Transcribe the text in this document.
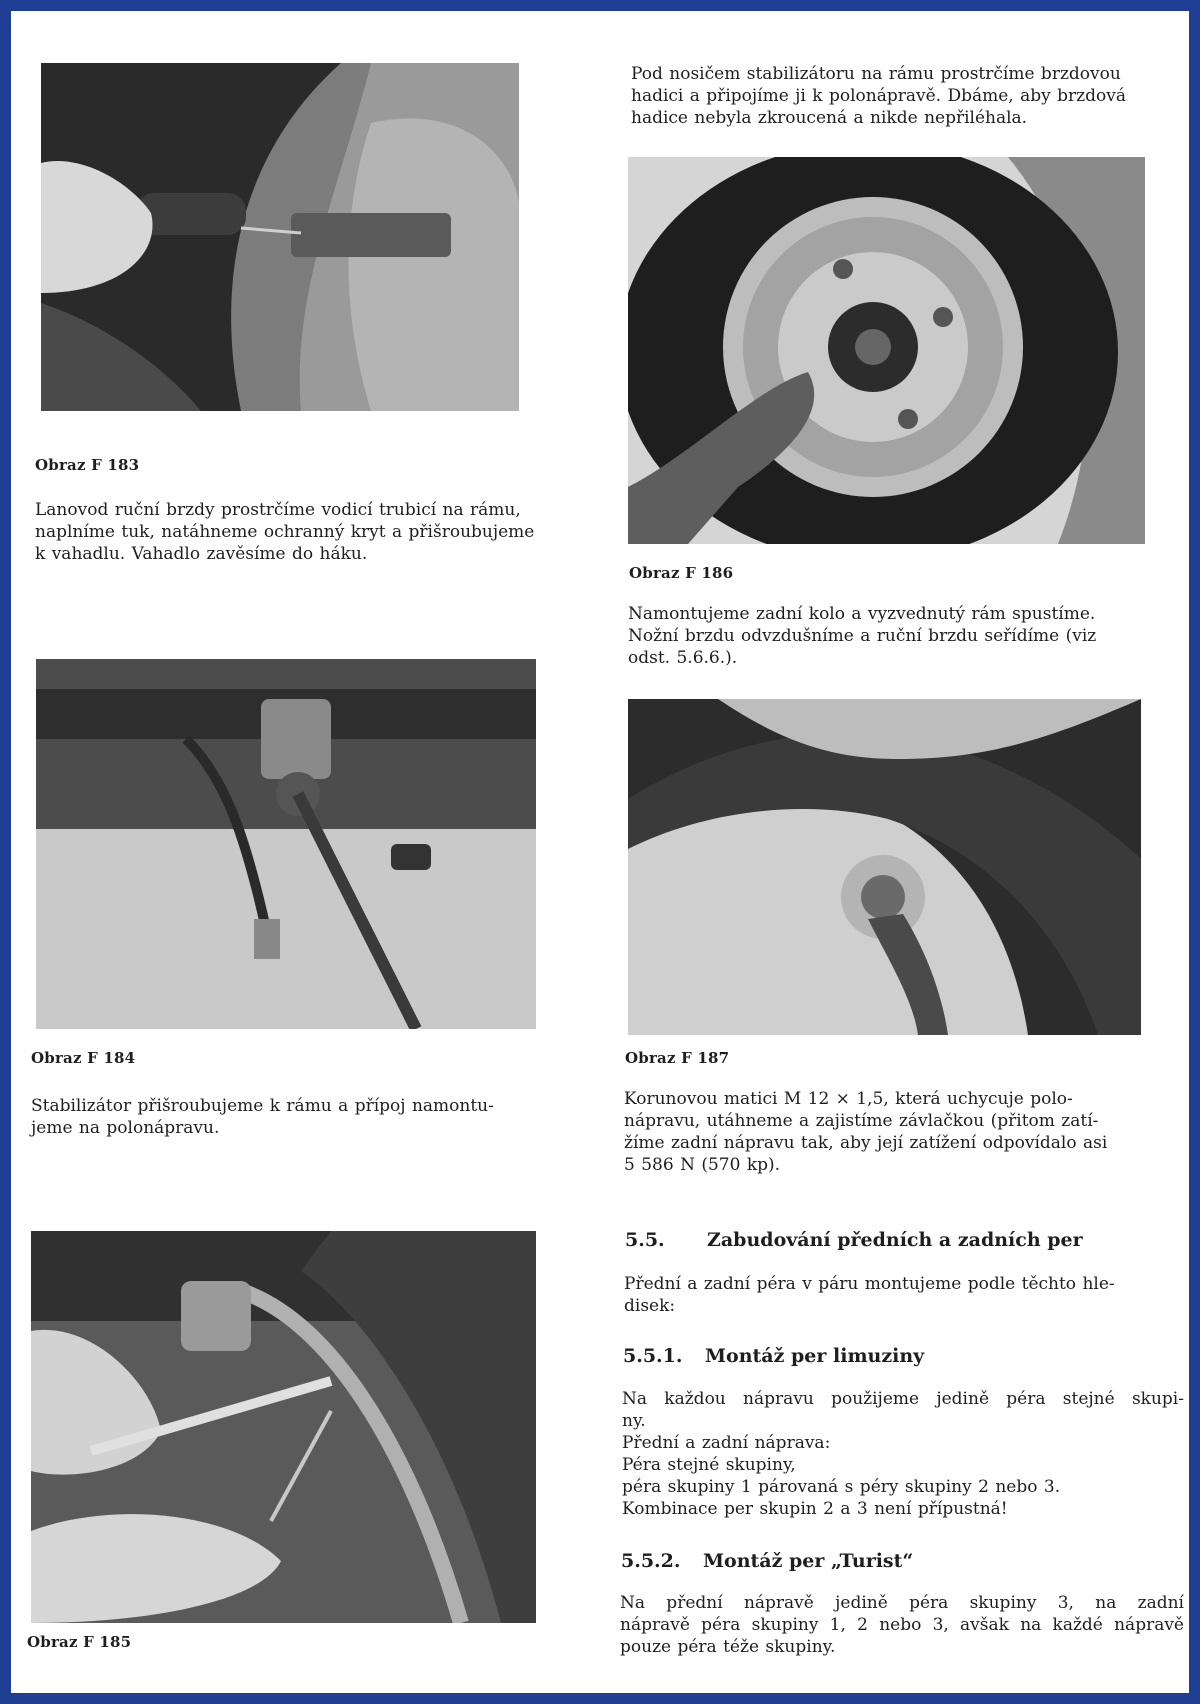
Obraz F 183
Lanovod ruční brzdy prostrčíme vodicí trubicí na rámu,
naplníme tuk, natáhneme ochranný kryt a přišroubujeme
k vahadlu. Vahadlo zavěsíme do háku.
Obraz F 184
Stabilizátor přišroubujeme k rámu a přípoj namontu-
jeme na polonápravu.
Obraz F 185
Pod nosičem stabilizátoru na rámu prostrčíme brzdovou
hadici a připojíme ji k polonápravě. Dbáme, aby brzdová
hadice nebyla zkroucená a nikde nepřiléhala.
Obraz F 186
Namontujeme zadní kolo a vyzvednutý rám spustíme.
Nožní brzdu odvzdušníme a ruční brzdu seřídíme (viz
odst. 5.6.6.).
Obraz F 187
Korunovou matici M 12 × 1,5, která uchycuje polo-
nápravu, utáhneme a zajistíme závlačkou (přitom zatí-
žíme zadní nápravu tak, aby její zatížení odpovídalo asi
5 586 N (570 kp).
5.5. Zabudování předních a zadních per
Přední a zadní péra v páru montujeme podle těchto hle-
disek:
5.5.1. Montáž per limuziny
Na každou nápravu použijeme jedině péra stejné skupi-
ny.
Přední a zadní náprava:
Péra stejné skupiny,
péra skupiny 1 párovaná s péry skupiny 2 nebo 3.
Kombinace per skupin 2 a 3 není přípustná!
5.5.2. Montáž per „Turist“
Na přední nápravě jedině péra skupiny 3, na zadní
nápravě péra skupiny 1, 2 nebo 3, avšak na každé nápravě
pouze péra téže skupiny.
